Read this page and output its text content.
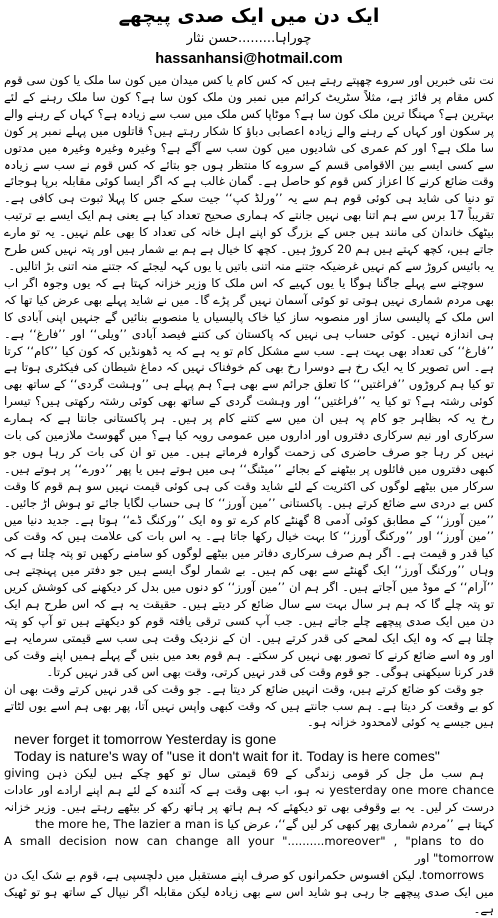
ایک دن میں ایک صدی پیچھے
چوراہا.........حسن نثار
hassanhansi@hotmail.com

نت نئی خبریں اور سروے چھپتے رہتے ہیں کہ کس کام یا کس میدان میں کون سا ملک یا کون سی قوم کس مقام پر فائز ہے، مثلاً سٹریٹ کرائم میں نمبر ون ملک کون سا ہے؟ کون سا ملک رہنے کے لئے بہترین ہے؟ مہنگا ترین ملک کون سا ہے؟ موٹاپا کس ملک میں سب سے زیادہ ہے؟ کہاں کے رہنے والے پر سکون اور کہاں کے رہنے والے زیادہ اعصابی دباؤ کا شکار رہتے ہیں؟ قاتلوں میں پہلے نمبر پر کون سا ملک ہے؟ اور کم عمری کی شادیوں میں کون سب سے آگے ہے؟ وغیرہ وغیرہ وغیرہ میں مدتوں سے کسی ایسے بین الاقوامی قسم کے سروے کا منتظر ہوں جو بتائے کہ کس قوم نے سب سے زیادہ وقت ضائع کرنے کا اعزاز کس قوم کو حاصل ہے۔ گمان غالب ہے کہ اگر ایسا کوئی مقابلہ برپا ہوجائے تو دنیا کی شاید ہی کوئی قوم ہم سے یہ ’’ورلڈ کپ‘‘ جیت سکے جس کا پہلا ثبوت ہی کافی ہے۔ تقریباً 17 برس سے ہم اتنا بھی نہیں جانتے کہ ہماری صحیح تعداد کیا ہے یعنی ہم ایک ایسے بے ترتیب بیٹھک خاندان کی مانند ہیں جس کے بزرگ کو اپنے اہل خانہ کی تعداد کا بھی علم نہیں۔ یہ تو مارے جاتے ہیں، کچھ کہتے ہیں ہم 20 کروڑ ہیں۔ کچھ کا خیال ہے ہم بے شمار ہیں اور پتہ نہیں کس طرح یہ بائیس کروڑ سے کم نہیں غرضیکہ جتنے منہ اتنی باتیں یا یوں کہہ لیجئے کہ جتنے منہ اتنی بڑ اتالیں۔

سوچنے سے پہلے جاگنا ہوگا یا یوں کہیے کہ اس ملک کا وزیر خزانہ کہتا ہے کہ یوں وجوہ اگر اب بھی مردم شماری نہیں ہوتی تو کوئی آسمان نہیں گر پڑے گا۔ میں نے شاید پہلے بھی عرض کیا تھا کہ اس ملک کے پالیسی ساز اور منصوبہ ساز کیا خاک پالیسیاں یا منصوبے بنائیں گے جنہیں اپنی آبادی کا ہی اندازہ نہیں۔ کوئی حساب ہی نہیں کہ پاکستان کی کتنے فیصد آبادی ’’ویلی‘‘ اور ’’فارغ‘‘ ہے۔ ’’فارغ‘‘ کی تعداد بھی بہت ہے۔ سب سے مشکل کام تو یہ ہے کہ یہ ڈھونڈیں کہ کون کیا ’’کام‘‘ کرتا ہے۔ اس تصویر کا یہ ایک رخ ہے دوسرا رخ بھی کم خوفناک نہیں کہ دماغ شیطان کی فیکٹری ہوتا ہے تو کیا ہم کروڑوں ’’فراغتیں‘‘ کا تعلق جرائم سے بھی ہے؟ ہم پہلے ہی ’’وہشت گردی‘‘ کے ساتھ بھی کوئی رشتہ ہے؟ تو کیا یہ ’’فراغتیں‘‘ اور وہشت گردی کے ساتھ بھی کوئی رشتہ رکھتی ہیں؟ تیسرا رخ یہ کہ بظاہر جو کام پہ ہیں ان میں سے کتنے کام پر ہیں۔ ہر پاکستانی جانتا ہے کہ ہمارے سرکاری اور نیم سرکاری دفتروں اور اداروں میں عمومی رویہ کیا ہے؟ میں گھوسٹ ملازمین کی بات نہیں کر رہا جو صرف حاضری کی زحمت گوارہ فرماتے ہیں۔ میں تو ان کی بات کر رہا ہوں جو کبھی دفتروں میں فائلوں پر بیٹھنے کے بجائے ’’میٹنگ‘‘ ہی میں ہوتے ہیں یا پھر ’’دورے‘‘ پر ہوتے ہیں۔ سرکار میں بیٹھے لوگوں کی اکثریت کے لئے شاید وقت کی ہی کوئی قیمت نہیں سو ہم قوم کا وقت کس بے دردی سے ضائع کرتے ہیں۔ پاکستانی ’’مین آورز‘‘ کا ہی حساب لگایا جائے تو ہوش اڑ جائیں۔ ’’مین آورز‘‘ کے مطابق کوئی آدمی 8 گھنٹے کام کرے تو وہ ایک ’’ورکنگ ڈے‘‘ ہوتا ہے۔ جدید دنیا میں ’’مین آورز‘‘ اور ’’ورکنگ آورز‘‘ کا بہت خیال رکھا جاتا ہے۔ یہ اس بات کی علامت ہیں کہ وقت کی کیا قدر و قیمت ہے۔ اگر ہم صرف سرکاری دفاتر میں بیٹھے لوگوں کو سامنے رکھیں تو پتہ چلتا ہے کہ وہاں ’’ورکنگ آورز‘‘ ایک گھنٹے سے بھی کم ہیں۔ بے شمار لوگ ایسے ہیں جو دفتر میں پہنچتے ہی ’’آرام‘‘ کے موڈ میں آجاتے ہیں۔ اگر ہم ان ’’مین آورز‘‘ کو دنوں میں بدل کر دیکھنے کی کوشش کریں تو پتہ چلے گا کہ ہم ہر سال بہت سے سال ضائع کر دیتے ہیں۔ حقیقت یہ ہے کہ اس طرح ہم ایک دن میں ایک صدی پیچھے چلے جاتے ہیں۔ جب آپ کسی ترقی یافتہ قوم کو دیکھتے ہیں تو آپ کو پتہ چلتا ہے کہ وہ ایک ایک لمحے کی قدر کرتے ہیں۔ ان کے نزدیک وقت ہی سب سے قیمتی سرمایہ ہے اور وہ اسے ضائع کرنے کا تصور بھی نہیں کر سکتے۔ ہم قوم بعد میں بنیں گے پہلے ہمیں اپنے وقت کی قدر کرنا سیکھنی ہوگی۔ جو قوم وقت کی قدر نہیں کرتی، وقت بھی اس کی قدر نہیں کرتا۔

جو وقت کو ضائع کرتے ہیں، وقت انہیں ضائع کر دیتا ہے۔ جو وقت کی قدر نہیں کرتے وقت بھی ان کو بے وقعت کر دیتا ہے۔ ہم سب جانتے ہیں کہ وقت کبھی واپس نہیں آتا، پھر بھی ہم اسے یوں لٹاتے ہیں جیسے یہ کوئی لامحدود خزانہ ہو۔

never forget it tomorrow Yesterday is gone

Today is nature's way of "use it don't wait for it. Today is here comes"

ہم سب مل جل کر قومی زندگی کے 69 قیمتی سال تو کھو چکے ہیں لیکن ذہن giving yesterday one more chance نہ ہو، اب بھی وقت ہے کہ آئندہ کے لئے ہم اپنے ارادے اور عادات درست کر لیں۔ یہ بے وقوفی بھی تو دیکھئے کہ ہم ہاتھ پر ہاتھ رکھ کر بیٹھے رہتے ہیں۔ وزیر خزانہ کہتا ہے ’’مردم شماری پھر کبھی کر لیں گے‘‘، عرض کیا the more he, The lazier a man is

A small decision now can change all your "..........moreover" , "plans to do tomorrow" اور

tomorrows. لیکن افسوس حکمرانوں کو صرف اپنے مستقبل میں دلچسپی ہے، قوم بے شک ایک دن میں ایک صدی پیچھے جا رہی ہو شاید اس سے بھی زیادہ لیکن مقابلہ اگر نیپال کے ساتھ ہو تو ٹھیک ہے۔
